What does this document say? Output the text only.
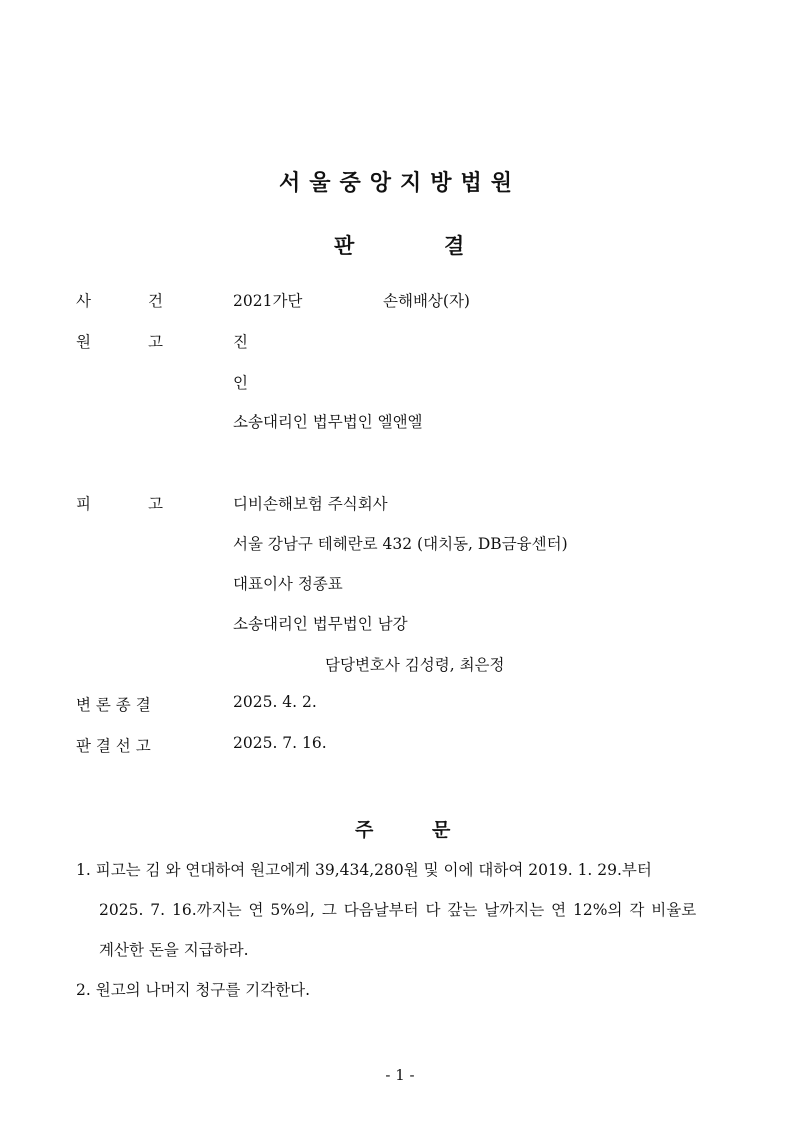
서울중앙지방법원
판	결
사	건	2021가단	손해배상(자)
원	고	진
인
소송대리인 법무법인 엘앤엘
피	고	디비손해보험 주식회사
서울 강남구 테헤란로 432 (대치동, DB금융센터)
대표이사 정종표
소송대리인 법무법인 남강
담당변호사 김성령, 최은정
변 론 종 결	2025. 4. 2.
판 결 선 고	2025. 7. 16.
주	문
1. 피고는 김 와 연대하여 원고에게 39,434,280원 및 이에 대하여 2019. 1. 29.부터
2025. 7. 16.까지는 연 5%의, 그 다음날부터 다 갚는 날까지는 연 12%의 각 비율로
계산한 돈을 지급하라.
2. 원고의 나머지 청구를 기각한다.
- 1 -
